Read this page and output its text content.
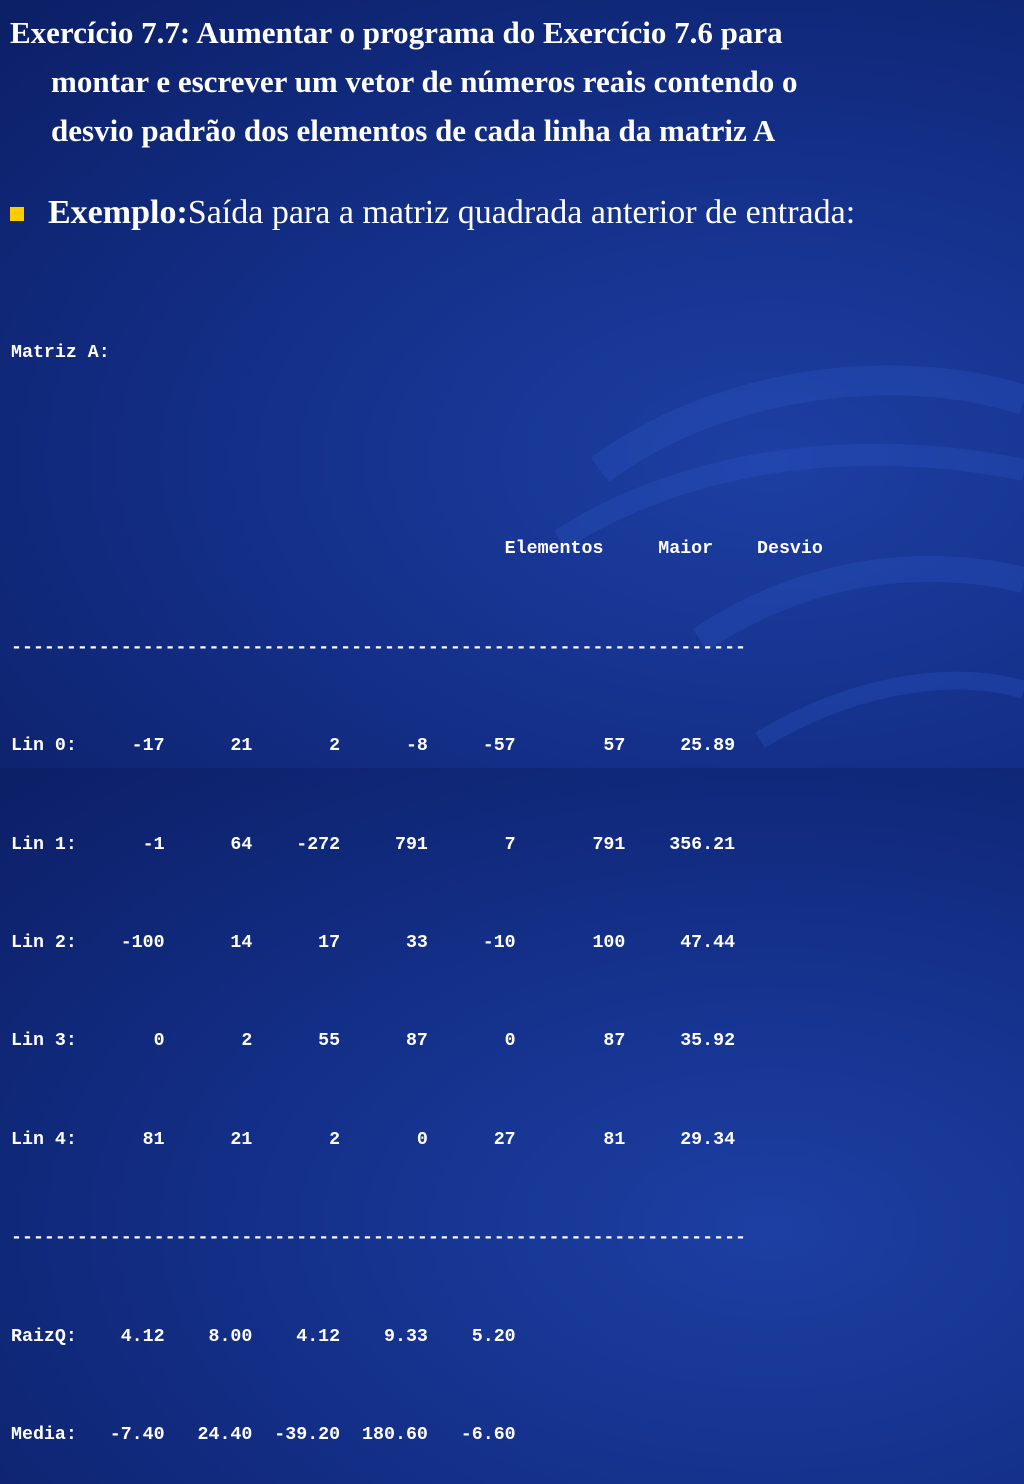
Exercício 7.7: Aumentar o programa do Exercício 7.6 para
montar e escrever um vetor de números reais contendo o
desvio padrão dos elementos de cada linha da matriz A
Exemplo: Saída para a matriz quadrada anterior de entrada:

Matriz A:

Elementos     Maior    Desvio

-------------------------------------------------------------------

Lin 0:     -17      21       2      -8     -57        57     25.89

Lin 1:      -1      64    -272     791       7       791    356.21

Lin 2:    -100      14      17      33     -10       100     47.44

Lin 3:       0       2      55      87       0        87     35.92

Lin 4:      81      21       2       0      27        81     29.34

-------------------------------------------------------------------

RaizQ:    4.12    8.00    4.12    9.33    5.20

Media:   -7.40   24.40  -39.20  180.60   -6.60
